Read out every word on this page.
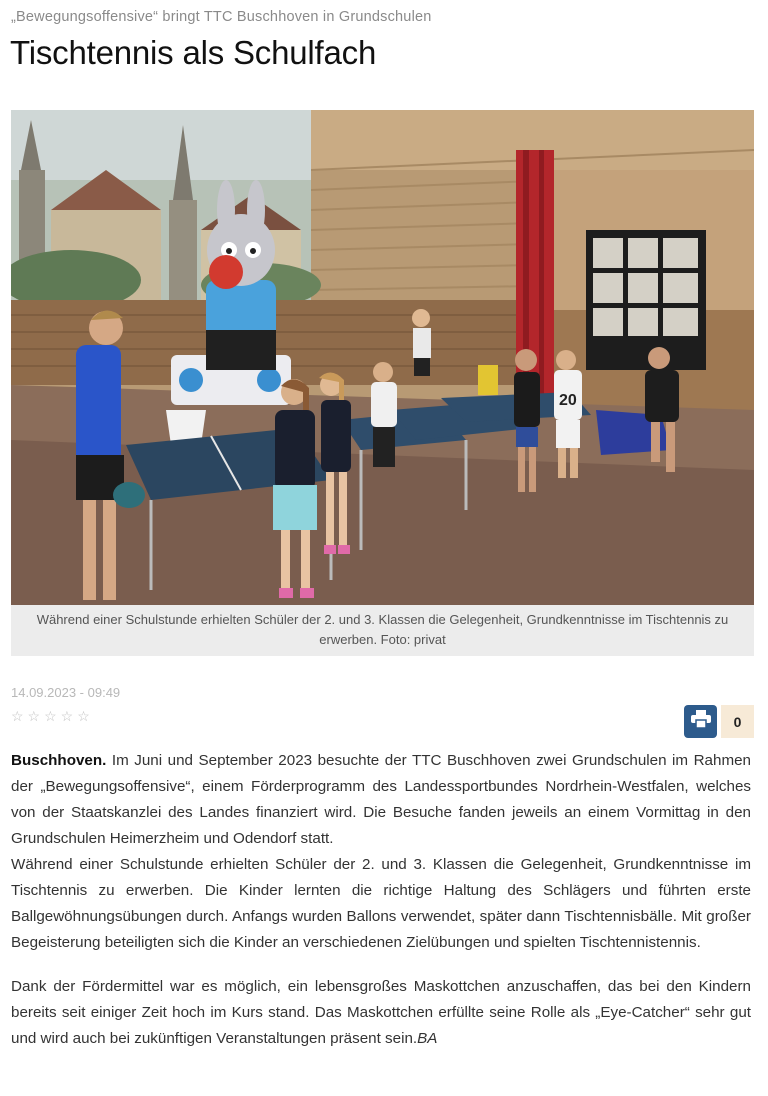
„Bewegungsoffensive“ bringt TTC Buschhoven in Grundschulen
Tischtennis als Schulfach
20
Während einer Schulstunde erhielten Schüler der 2. und 3. Klassen die Gelegenheit, Grundkenntnisse im Tischtennis zu erwerben. Foto: privat
14.09.2023 - 09:49
☆☆☆☆☆	0

Buschhoven. Im Juni und September 2023 besuchte der TTC Buschhoven zwei Grundschulen im Rahmen der „Bewegungsoffensive“, einem Förderprogramm des Landessportbundes Nordrhein-Westfalen, welches von der Staatskanzlei des Landes finanziert wird. Die Besuche fanden jeweils an einem Vormittag in den Grundschulen Heimerzheim und Odendorf statt.

Während einer Schulstunde erhielten Schüler der 2. und 3. Klassen die Gelegenheit, Grundkenntnisse im Tischtennis zu erwerben. Die Kinder lernten die richtige Haltung des Schlägers und führten erste Ballgewöhnungsübungen durch. Anfangs wurden Ballons verwendet, später dann Tischtennisbälle. Mit großer Begeisterung beteiligten sich die Kinder an verschiedenen Zielübungen und spielten Tischtennistennis.

Dank der Fördermittel war es möglich, ein lebensgroßes Maskottchen anzuschaffen, das bei den Kindern bereits seit einiger Zeit hoch im Kurs stand. Das Maskottchen erfüllte seine Rolle als „Eye-Catcher“ sehr gut und wird auch bei zukünftigen Veranstaltungen präsent sein.BA
